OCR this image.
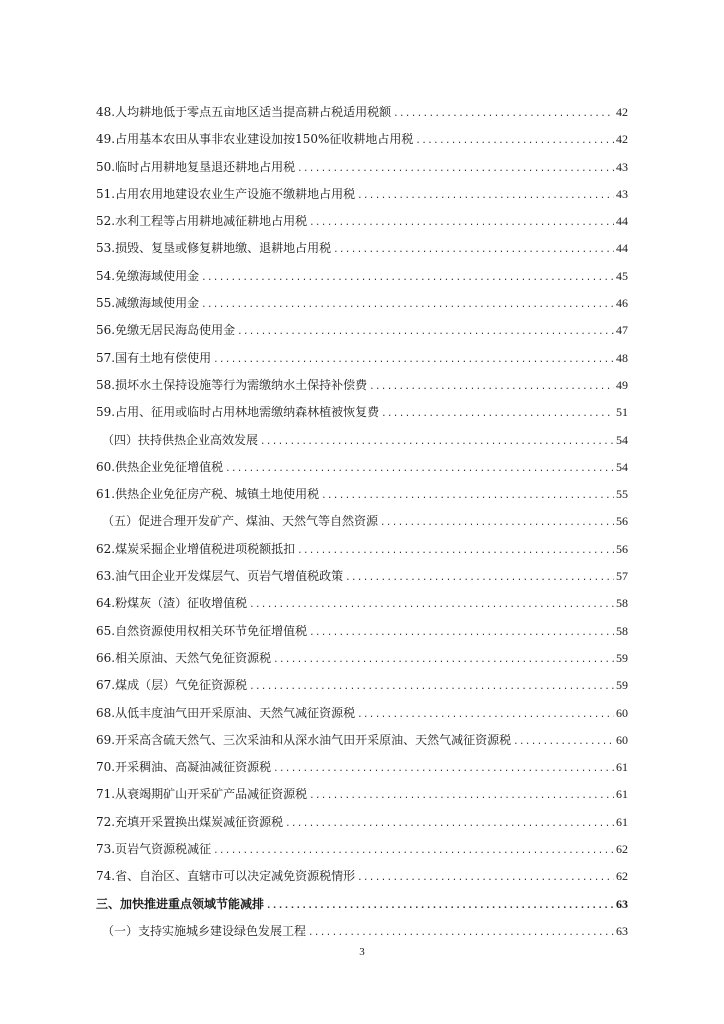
48.人均耕地低于零点五亩地区适当提高耕占税适用税额 .....	42
49.占用基本农田从事非农业建设加按150%征收耕地占用税 .....	42
50.临时占用耕地复垦退还耕地占用税 .....	43
51.占用农用地建设农业生产设施不缴耕地占用税 .....	43
52.水利工程等占用耕地减征耕地占用税 .....	44
53.损毁、复垦或修复耕地缴、退耕地占用税 .....	44
54.免缴海域使用金 .....	45
55.减缴海域使用金 .....	46
56.免缴无居民海岛使用金 .....	47
57.国有土地有偿使用 .....	48
58.损坏水土保持设施等行为需缴纳水土保持补偿费 .....	49
59.占用、征用或临时占用林地需缴纳森林植被恢复费 .....	51
（四）扶持供热企业高效发展 .....	54
60.供热企业免征增值税 .....	54
61.供热企业免征房产税、城镇土地使用税 .....	55
（五）促进合理开发矿产、煤油、天然气等自然资源 .....	56
62.煤炭采掘企业增值税进项税额抵扣 .....	56
63.油气田企业开发煤层气、页岩气增值税政策 .....	57
64.粉煤灰（渣）征收增值税 .....	58
65.自然资源使用权相关环节免征增值税 .....	58
66.相关原油、天然气免征资源税 .....	59
67.煤成（层）气免征资源税 .....	59
68.从低丰度油气田开采原油、天然气减征资源税 .....	60
69.开采高含硫天然气、三次采油和从深水油气田开采原油、天然气减征资源税 .....	60
70.开采稠油、高凝油减征资源税 .....	61
71.从衰竭期矿山开采矿产品减征资源税 .....	61
72.充填开采置换出煤炭减征资源税 .....	61
73.页岩气资源税减征 .....	62
74.省、自治区、直辖市可以决定减免资源税情形 .....	62
三、加快推进重点领域节能减排 .....	63
（一）支持实施城乡建设绿色发展工程 .....	63
3
